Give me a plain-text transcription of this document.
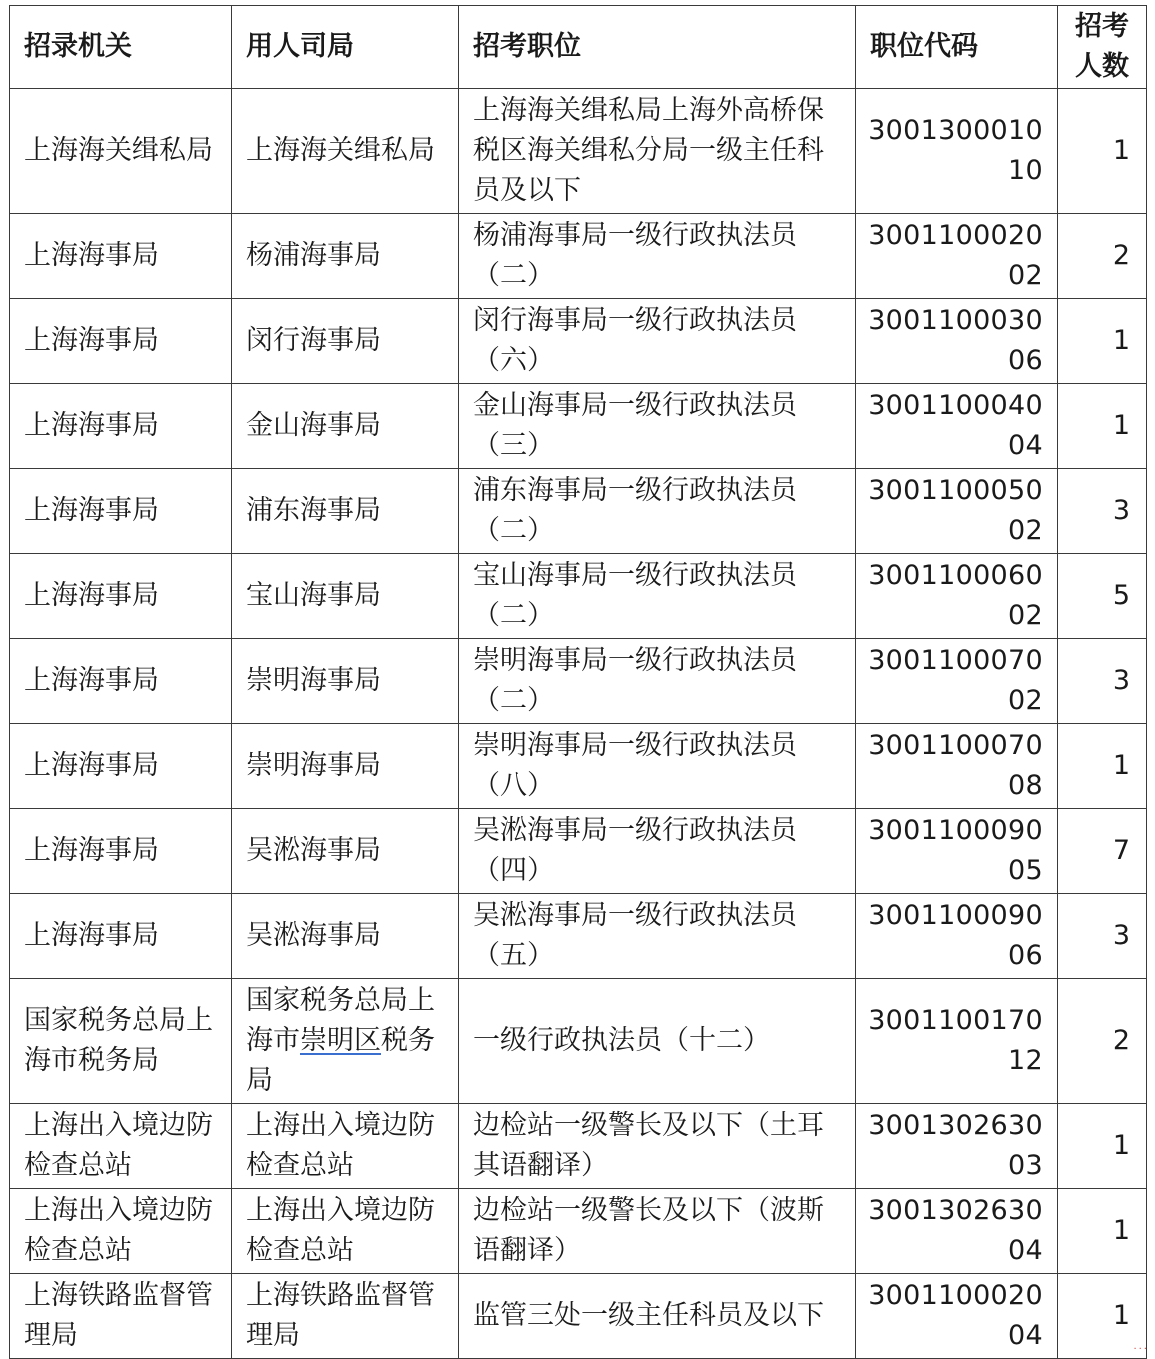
招录机关	用人司局	招考职位	职位代码	招考人数
上海海关缉私局	上海海关缉私局	上海海关缉私局上海外高桥保税区海关缉私分局一级主任科员及以下	300130001010	1
上海海事局	杨浦海事局	杨浦海事局一级行政执法员（二）	300110002002	2
上海海事局	闵行海事局	闵行海事局一级行政执法员（六）	300110003006	1
上海海事局	金山海事局	金山海事局一级行政执法员（三）	300110004004	1
上海海事局	浦东海事局	浦东海事局一级行政执法员（二）	300110005002	3
上海海事局	宝山海事局	宝山海事局一级行政执法员（二）	300110006002	5
上海海事局	崇明海事局	崇明海事局一级行政执法员（二）	300110007002	3
上海海事局	崇明海事局	崇明海事局一级行政执法员（八）	300110007008	1
上海海事局	吴淞海事局	吴淞海事局一级行政执法员（四）	300110009005	7
上海海事局	吴淞海事局	吴淞海事局一级行政执法员（五）	300110009006	3
国家税务总局上海市税务局	国家税务总局上海市崇明区税务局	一级行政执法员（十二）	300110017012	2
上海出入境边防检查总站	上海出入境边防检查总站	边检站一级警长及以下（土耳其语翻译）	300130263003	1
上海出入境边防检查总站	上海出入境边防检查总站	边检站一级警长及以下（波斯语翻译）	300130263004	1
上海铁路监督管理局	上海铁路监督管理局	监管三处一级主任科员及以下	300110002004	1
···
